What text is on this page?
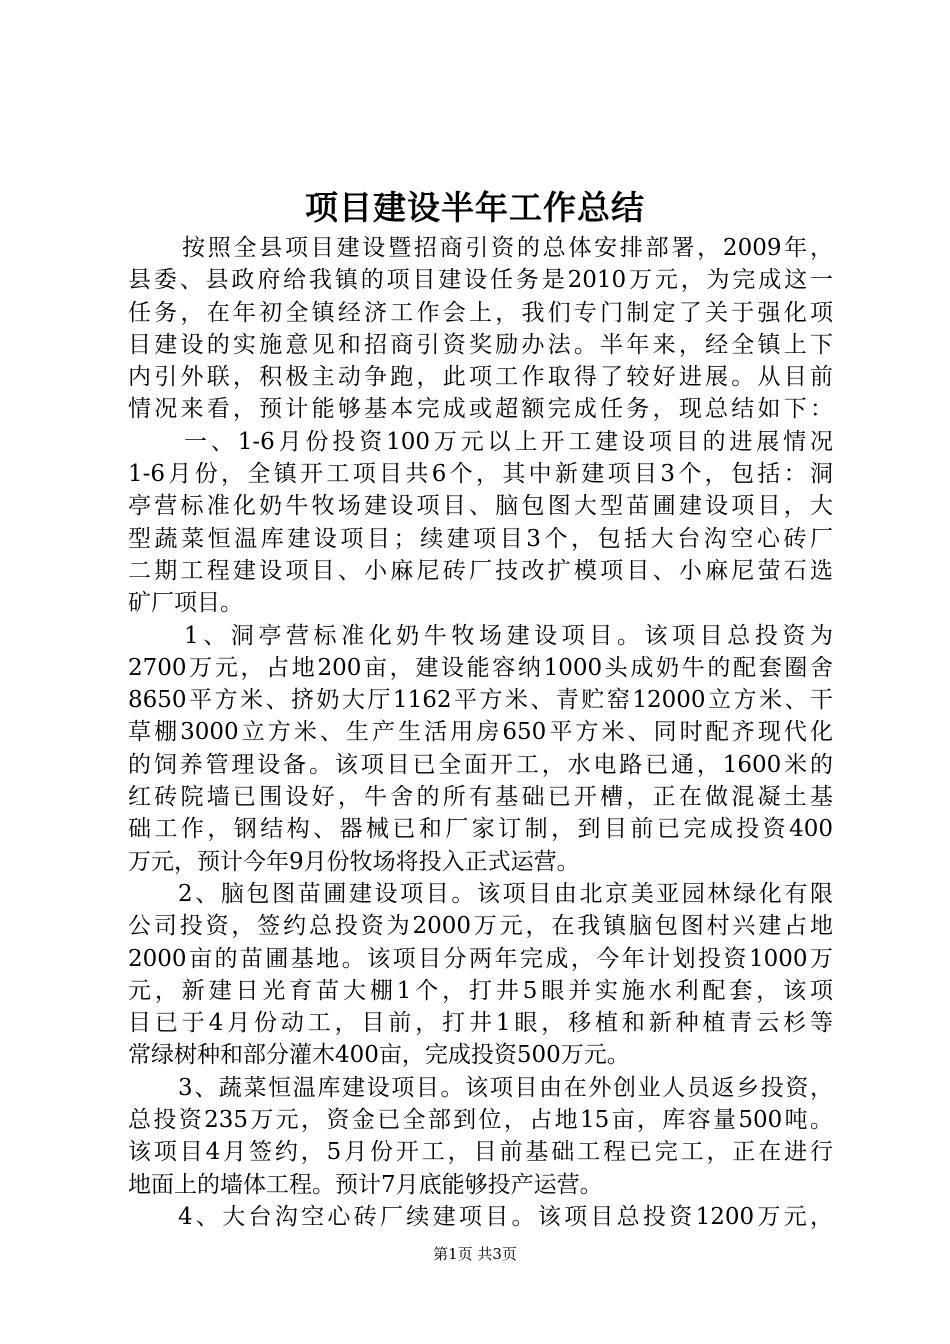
项目建设半年工作总结
按照全县项目建设暨招商引资的总体安排部署，2009年，
县委、县政府给我镇的项目建设任务是2010万元，为完成这一
任务，在年初全镇经济工作会上，我们专门制定了关于强化项
目建设的实施意见和招商引资奖励办法。半年来，经全镇上下
内引外联，积极主动争跑，此项工作取得了较好进展。从目前
情况来看，预计能够基本完成或超额完成任务，现总结如下：
一、1-6月份投资100万元以上开工建设项目的进展情况
1-6月份，全镇开工项目共6个，其中新建项目3个，包括：洞
亭营标准化奶牛牧场建设项目、脑包图大型苗圃建设项目，大
型蔬菜恒温库建设项目；续建项目3个，包括大台沟空心砖厂
二期工程建设项目、小麻尼砖厂技改扩模项目、小麻尼萤石选
矿厂项目。
1、洞亭营标准化奶牛牧场建设项目。该项目总投资为
2700万元，占地200亩，建设能容纳1000头成奶牛的配套圈舍
8650平方米、挤奶大厅1162平方米、青贮窑12000立方米、干
草棚3000立方米、生产生活用房650平方米、同时配齐现代化
的饲养管理设备。该项目已全面开工，水电路已通，1600米的
红砖院墙已围设好，牛舍的所有基础已开槽，正在做混凝土基
础工作，钢结构、器械已和厂家订制，到目前已完成投资400
万元，预计今年9月份牧场将投入正式运营。
2、脑包图苗圃建设项目。该项目由北京美亚园林绿化有限
公司投资，签约总投资为2000万元，在我镇脑包图村兴建占地
2000亩的苗圃基地。该项目分两年完成，今年计划投资1000万
元，新建日光育苗大棚1个，打井5眼并实施水利配套，该项
目已于4月份动工，目前，打井1眼，移植和新种植青云杉等
常绿树种和部分灌木400亩，完成投资500万元。
3、蔬菜恒温库建设项目。该项目由在外创业人员返乡投资，
总投资235万元，资金已全部到位，占地15亩，库容量500吨。
该项目4月签约，5月份开工，目前基础工程已完工，正在进行
地面上的墙体工程。预计7月底能够投产运营。
4、大台沟空心砖厂续建项目。该项目总投资1200万元，
第1页 共3页
